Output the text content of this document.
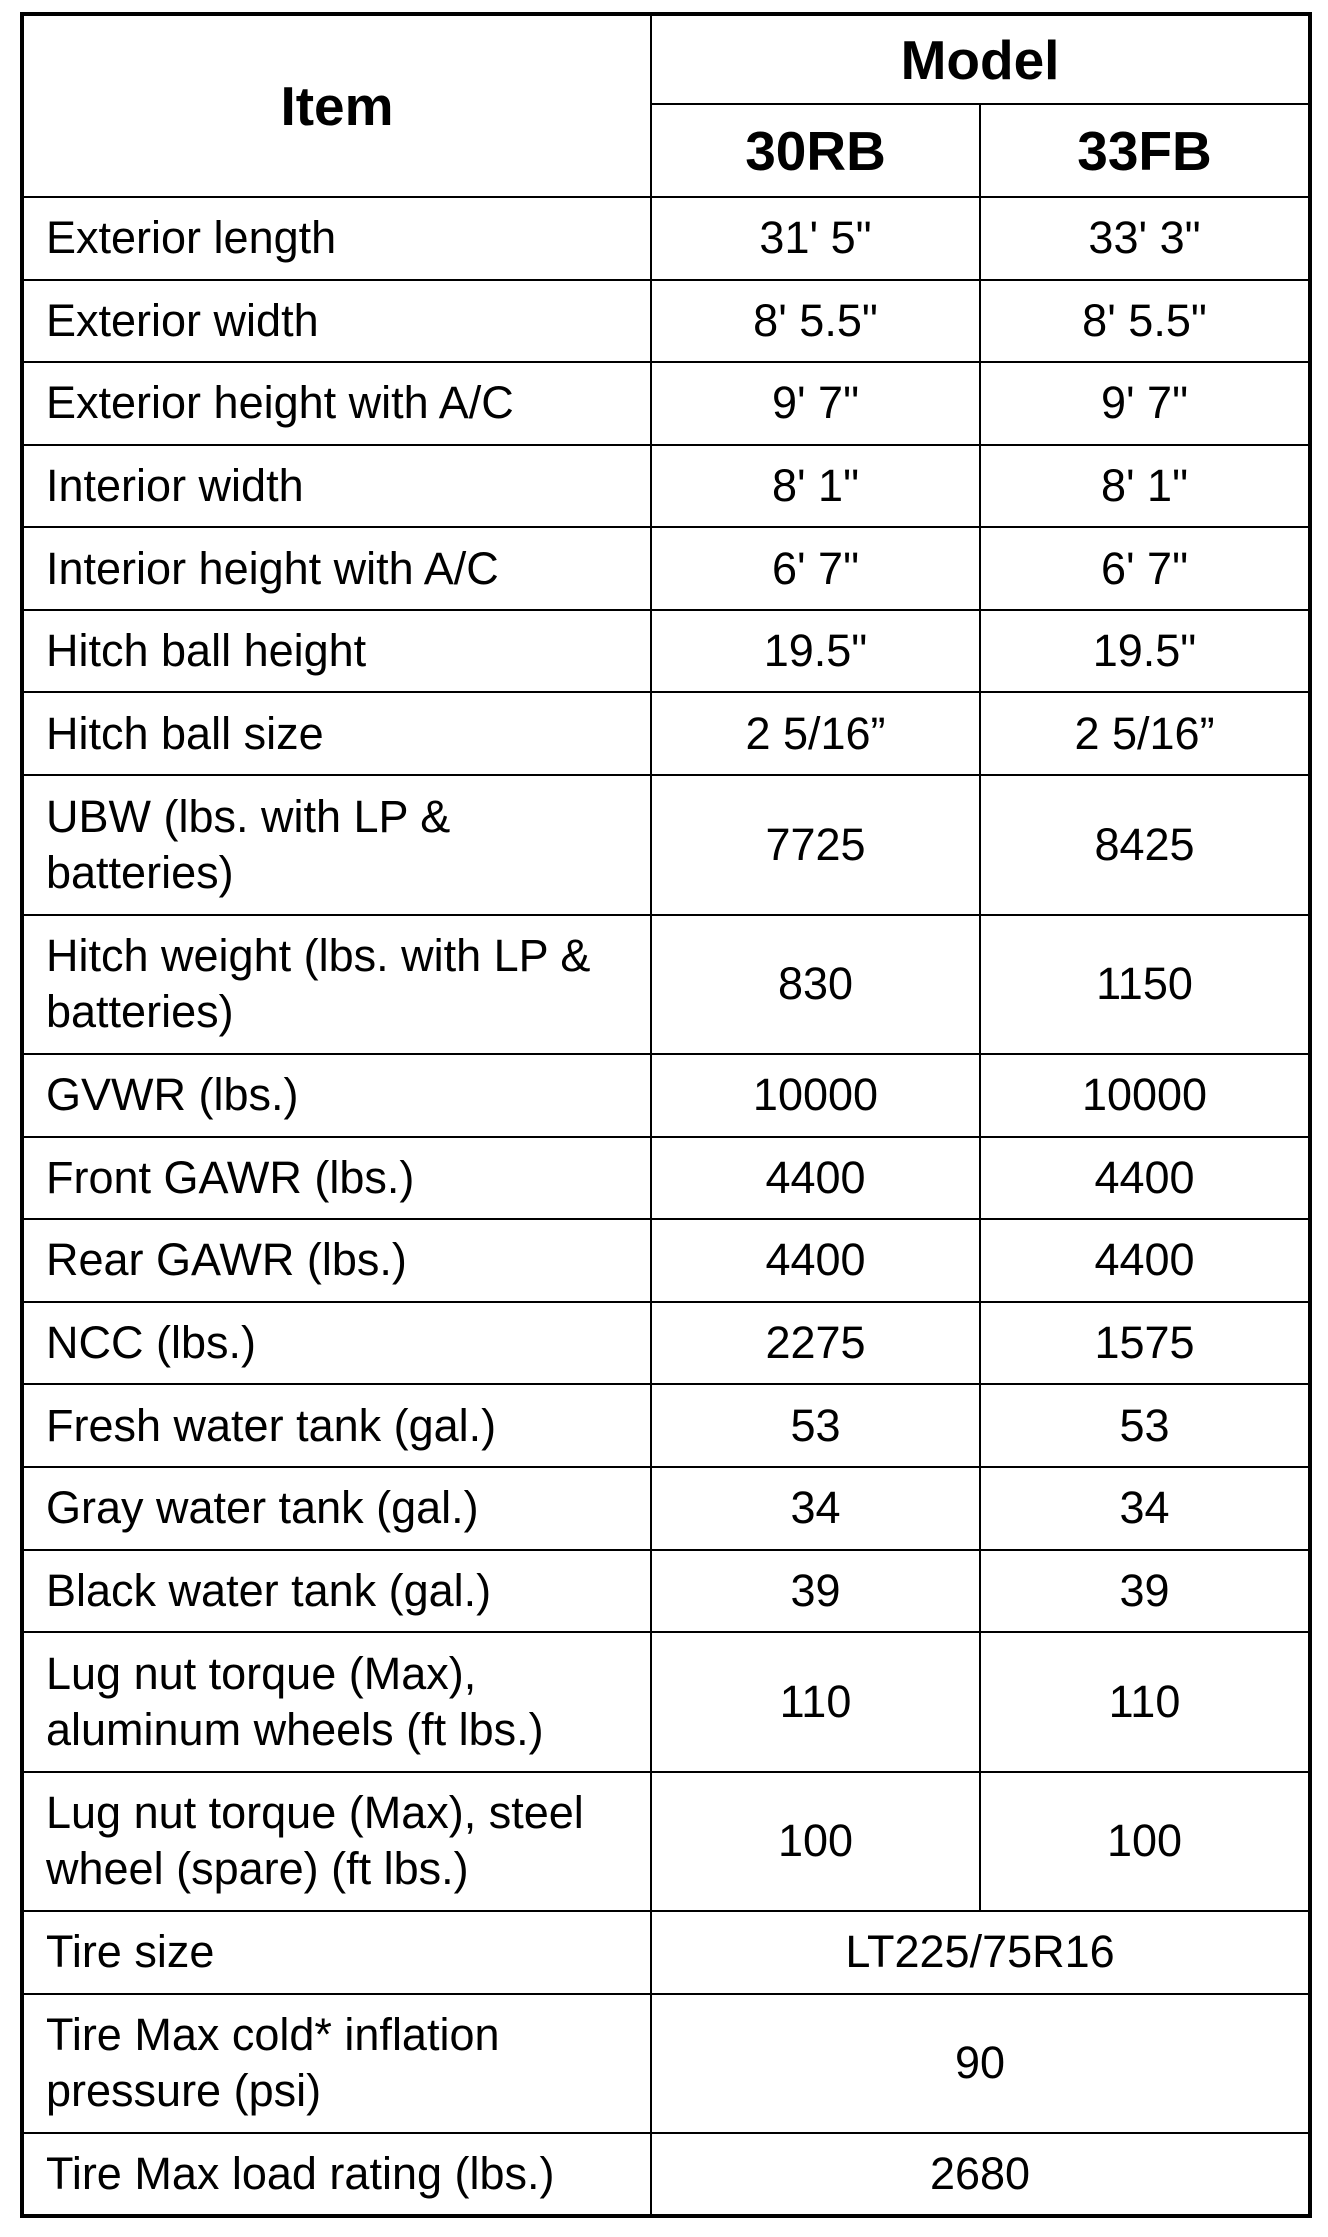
Item	Model	
	30RB	33FB
Exterior length	31' 5"	33' 3"
Exterior width	8' 5.5"	8' 5.5"
Exterior height with A/C	9' 7"	9' 7"
Interior width	8' 1"	8' 1"
Interior height with A/C	6' 7"	6' 7"
Hitch ball height	19.5"	19.5"
Hitch ball size	2 5/16”	2 5/16”
UBW (lbs. with LP & batteries)	7725	8425
Hitch weight (lbs. with LP & batteries)	830	1150
GVWR (lbs.)	10000	10000
Front GAWR (lbs.)	4400	4400
Rear GAWR (lbs.)	4400	4400
NCC (lbs.)	2275	1575
Fresh water tank (gal.)	53	53
Gray water tank (gal.)	34	34
Black water tank (gal.)	39	39
Lug nut torque (Max), aluminum wheels (ft lbs.)	110	110
Lug nut torque (Max), steel wheel (spare) (ft lbs.)	100	100
Tire size	LT225/75R16	
Tire Max cold* inflation pressure (psi)	90	
Tire Max load rating (lbs.)	2680	
